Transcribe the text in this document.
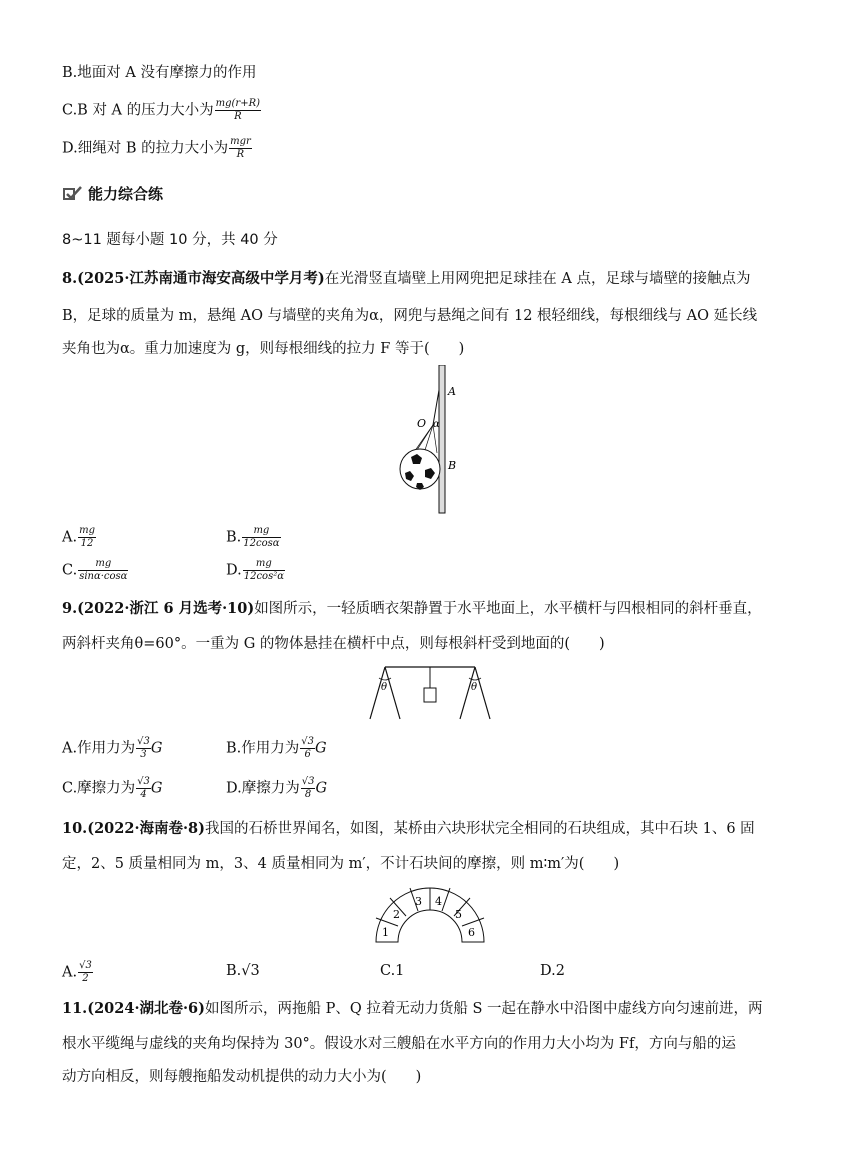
B.地面对 A 没有摩擦力的作用
C.B 对 A 的压力大小为 $\frac{mg(r+R)}{R}$
D.细绳对 B 的拉力大小为 $\frac{\text{mgr}}{R}$
能力综合练
8~11 题每小题 10 分，共 40 分
8.(2025·江苏南通市海安高级中学月考)在光滑竖直墙壁上用网兜把足球挂在 A 点，足球与墙壁的接触点为
B，足球的质量为 m，悬绳 AO 与墙壁的夹角为α，网兜与悬绳之间有 12 根轻细线，每根细线与 AO 延长线
夹角也为α。重力加速度为 g，则每根细线的拉力 F 等于(　　)
A
B
O α
A. $\frac{mg}{12}$	B. $\frac{mg}{12\cos\alpha}$
C. $\frac{mg}{\sin\alpha\cdot\cos\alpha}$	D. $\frac{mg}{\text{12cos²α}}$
9.(2022·浙江 6 月选考·10)如图所示，一轻质晒衣架静置于水平地面上，水平横杆与四根相同的斜杆垂直，
两斜杆夹角θ=60°。一重为 G 的物体悬挂在横杆中点，则每根斜杆受到地面的(　　)
θ	θ
A.作用力为 $\frac{√3}{3}$ G	B.作用力为 $\frac{√3}{6}$ G
C.摩擦力为 $\frac{√3}{4}$ G	D.摩擦力为 $\frac{√3}{8}$ G
10.(2022·海南卷·8)我国的石桥世界闻名，如图，某桥由六块形状完全相同的石块组成，其中石块 1、6 固
定，2、5 质量相同为 m，3、4 质量相同为 m′，不计石块间的摩擦，则 m∶m′为(　　)
1
2
3 4
5
6
A. $\frac{√3}{2}$	B.√3	C.1	D.2
11.(2024·湖北卷·6)如图所示，两拖船 P、Q 拉着无动力货船 S 一起在静水中沿图中虚线方向匀速前进，两
根水平缆绳与虚线的夹角均保持为 30°。假设水对三艘船在水平方向的作用力大小均为 Ff，方向与船的运
动方向相反，则每艘拖船发动机提供的动力大小为(　　)
